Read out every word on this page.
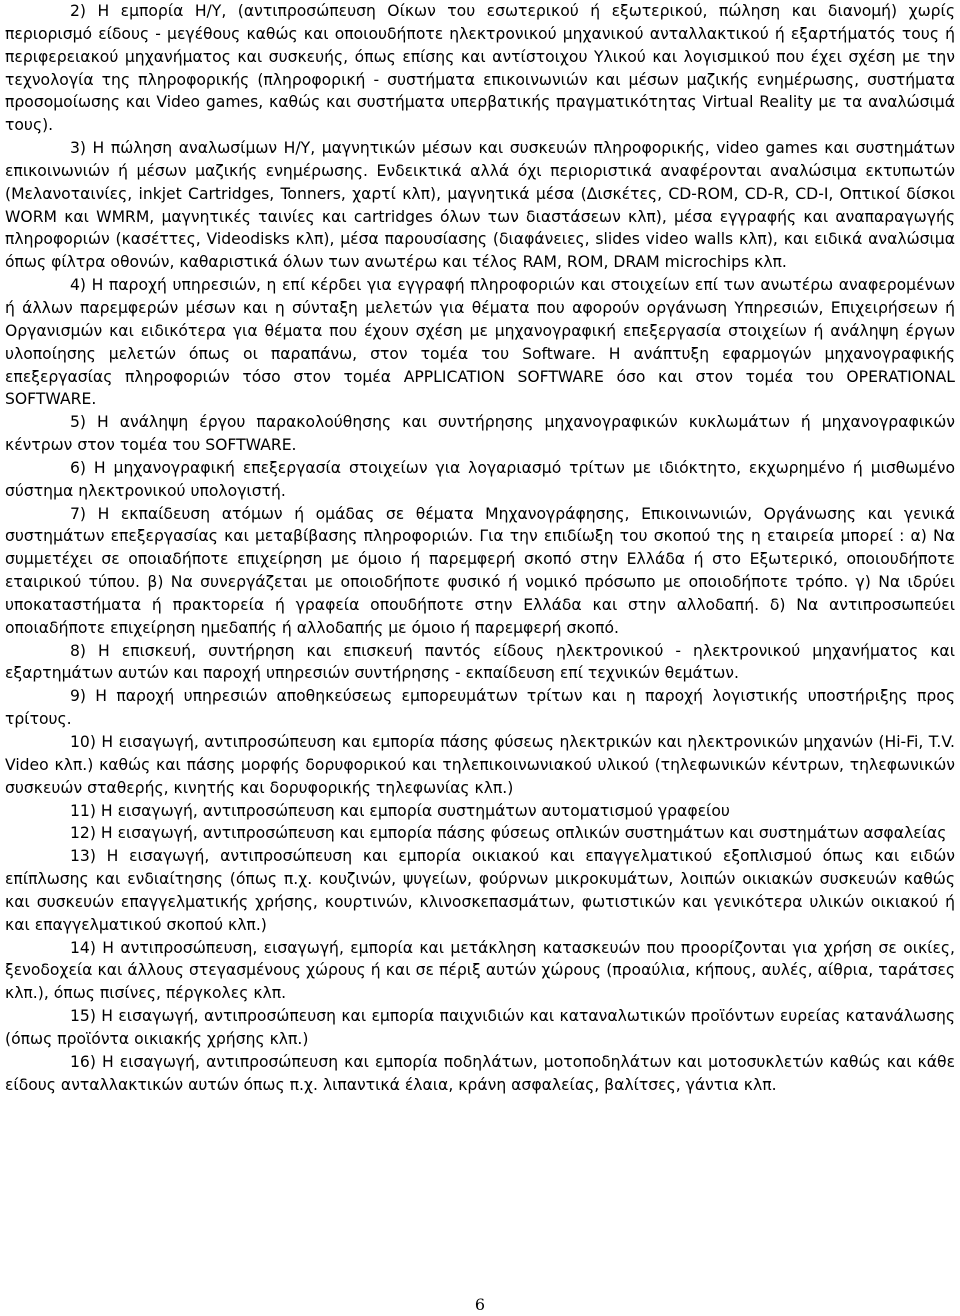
2) Η εμπορία Η/Υ, (αντιπροσώπευση Οίκων του εσωτερικού ή εξωτερικού, πώληση και διανομή) χωρίς περιορισμό είδους - μεγέθους καθώς και οποιουδήποτε ηλεκτρονικού μηχανικού ανταλλακτικού ή εξαρτήματός τους ή περιφερειακού μηχανήματος και συσκευής, όπως επίσης και αντίστοιχου Υλικού και λογισμικού που έχει σχέση με την τεχνολογία της πληροφορικής (πληροφορική - συστήματα επικοινωνιών και μέσων μαζικής ενημέρωσης, συστήματα προσομοίωσης και Video games, καθώς και συστήματα υπερβατικής πραγματικότητας Virtual Reality με τα αναλώσιμά τους).

3) Η πώληση αναλωσίμων Η/Υ, μαγνητικών μέσων και συσκευών πληροφορικής, video games και συστημάτων επικοινωνιών ή μέσων μαζικής ενημέρωσης. Ενδεικτικά αλλά όχι περιοριστικά αναφέρονται αναλώσιμα εκτυπωτών (Μελανοταινίες, inkjet Cartridges, Tonners, χαρτί κλπ), μαγνητικά μέσα (Δισκέτες, CD-ROM, CD-R, CD-I, Οπτικοί δίσκοι WORM και WMRM, μαγνητικές ταινίες και cartridges όλων των διαστάσεων κλπ), μέσα εγγραφής και αναπαραγωγής πληροφοριών (κασέττες, Videodisks κλπ), μέσα παρουσίασης (διαφάνειες, slides video walls κλπ), και ειδικά αναλώσιμα όπως φίλτρα οθονών, καθαριστικά όλων των ανωτέρω και τέλος RAM, ROM, DRAM microchips κλπ.

4) Η παροχή υπηρεσιών, η επί κέρδει για εγγραφή πληροφοριών και στοιχείων επί των ανωτέρω αναφερομένων ή άλλων παρεμφερών μέσων και η σύνταξη μελετών για θέματα που αφορούν οργάνωση Υπηρεσιών, Επιχειρήσεων ή Οργανισμών και ειδικότερα για θέματα που έχουν σχέση με μηχανογραφική επεξεργασία στοιχείων ή ανάληψη έργων υλοποίησης μελετών όπως οι παραπάνω, στον τομέα του Software. Η ανάπτυξη εφαρμογών μηχανογραφικής επεξεργασίας πληροφοριών τόσο στον τομέα APPLICATION SOFTWARE όσο και στον τομέα του OPERATIONAL SOFTWARE.

5) Η ανάληψη έργου παρακολούθησης και συντήρησης μηχανογραφικών κυκλωμάτων ή μηχανογραφικών κέντρων στον τομέα του SOFTWARE.

6) Η μηχανογραφική επεξεργασία στοιχείων για λογαριασμό τρίτων με ιδιόκτητο, εκχωρημένο ή μισθωμένο σύστημα ηλεκτρονικού υπολογιστή.

7) Η εκπαίδευση ατόμων ή ομάδας σε θέματα Μηχανογράφησης, Επικοινωνιών, Οργάνωσης και γενικά συστημάτων επεξεργασίας και μεταβίβασης πληροφοριών. Για την επιδίωξη του σκοπού της η εταιρεία μπορεί : α) Να συμμετέχει σε οποιαδήποτε επιχείρηση με όμοιο ή παρεμφερή σκοπό στην Ελλάδα ή στο Εξωτερικό, οποιουδήποτε εταιρικού τύπου. β) Να συνεργάζεται με οποιοδήποτε φυσικό ή νομικό πρόσωπο με οποιοδήποτε τρόπο. γ) Να ιδρύει υποκαταστήματα ή πρακτορεία ή γραφεία οπουδήποτε στην Ελλάδα και στην αλλοδαπή. δ) Να αντιπροσωπεύει οποιαδήποτε επιχείρηση ημεδαπής ή αλλοδαπής με όμοιο ή παρεμφερή σκοπό.

8) Η επισκευή, συντήρηση και επισκευή παντός είδους ηλεκτρονικού - ηλεκτρονικού μηχανήματος και εξαρτημάτων αυτών και παροχή υπηρεσιών συντήρησης - εκπαίδευση επί τεχνικών θεμάτων.

9) Η παροχή υπηρεσιών αποθηκεύσεως εμπορευμάτων τρίτων και η παροχή λογιστικής υποστήριξης προς τρίτους.

10) Η εισαγωγή, αντιπροσώπευση και εμπορία πάσης φύσεως ηλεκτρικών και ηλεκτρονικών μηχανών (Hi-Fi, T.V. Video κλπ.) καθώς και πάσης μορφής δορυφορικού και τηλεπικοινωνιακού υλικού (τηλεφωνικών κέντρων, τηλεφωνικών συσκευών σταθερής, κινητής και δορυφορικής τηλεφωνίας κλπ.)

11) Η εισαγωγή, αντιπροσώπευση και εμπορία συστημάτων αυτοματισμού γραφείου

12) Η εισαγωγή, αντιπροσώπευση και εμπορία πάσης φύσεως οπλικών συστημάτων και συστημάτων ασφαλείας

13) Η εισαγωγή, αντιπροσώπευση και εμπορία οικιακού και επαγγελματικού εξοπλισμού όπως και ειδών επίπλωσης και ενδιαίτησης (όπως π.χ. κουζινών, ψυγείων, φούρνων μικροκυμάτων, λοιπών οικιακών συσκευών καθώς και συσκευών επαγγελματικής χρήσης, κουρτινών, κλινοσκεπασμάτων, φωτιστικών και γενικότερα υλικών οικιακού ή και επαγγελματικού σκοπού κλπ.)

14) Η αντιπροσώπευση, εισαγωγή, εμπορία και μετάκληση κατασκευών που προορίζονται για χρήση σε οικίες, ξενοδοχεία και άλλους στεγασμένους χώρους ή και σε πέριξ αυτών χώρους (προαύλια, κήπους, αυλές, αίθρια, ταράτσες κλπ.), όπως πισίνες, πέργκολες κλπ.

15) Η εισαγωγή, αντιπροσώπευση και εμπορία παιχνιδιών και καταναλωτικών προϊόντων ευρείας κατανάλωσης (όπως προϊόντα οικιακής χρήσης κλπ.)

16) Η εισαγωγή, αντιπροσώπευση και εμπορία ποδηλάτων, μοτοποδηλάτων και μοτοσυκλετών καθώς και κάθε είδους ανταλλακτικών αυτών όπως π.χ. λιπαντικά έλαια, κράνη ασφαλείας, βαλίτσες, γάντια κλπ.

6
